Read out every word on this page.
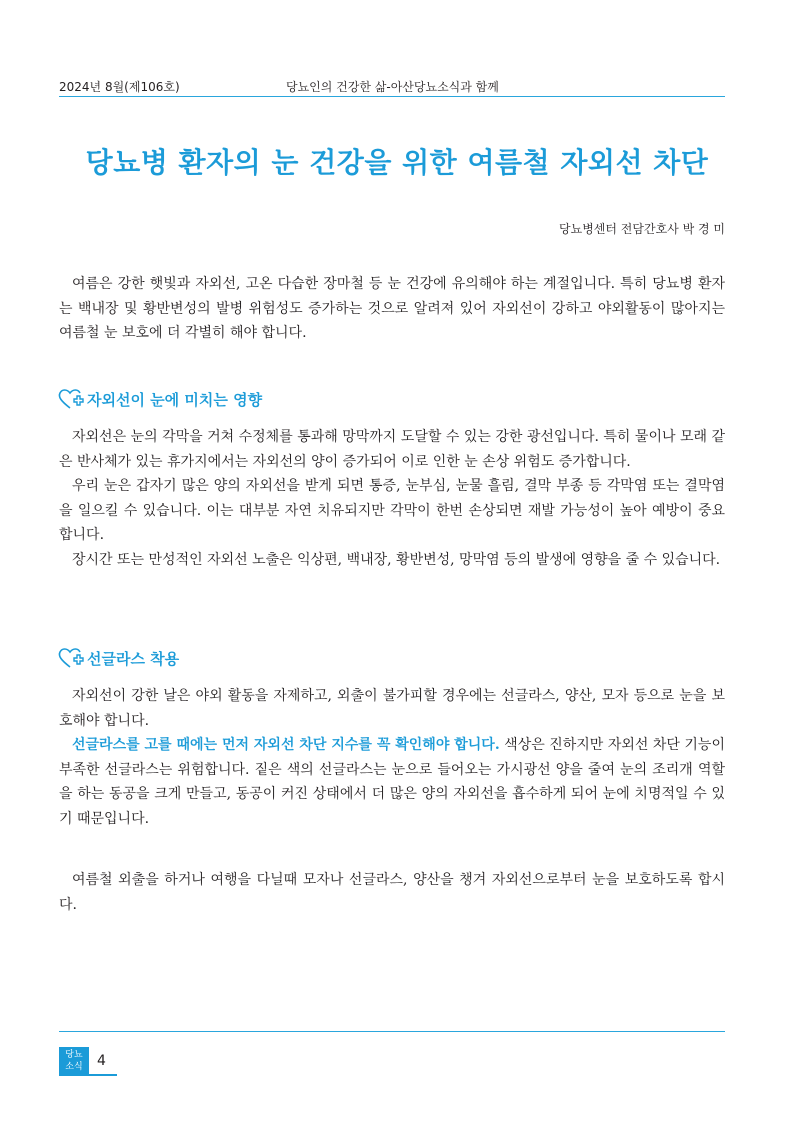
2024년 8월(제106호)	당뇨인의 건강한 삶-아산당뇨소식과 함께
당뇨병 환자의 눈 건강을 위한 여름철 자외선 차단
당뇨병센터 전담간호사 박 경 미

여름은 강한 햇빛과 자외선, 고온 다습한 장마철 등 눈 건강에 유의해야 하는 계절입니다. 특히 당뇨병 환자는 백내장 및 황반변성의 발병 위험성도 증가하는 것으로 알려져 있어 자외선이 강하고 야외활동이 많아지는 여름철 눈 보호에 더 각별히 해야 합니다.

자외선이 눈에 미치는 영향

자외선은 눈의 각막을 거쳐 수정체를 통과해 망막까지 도달할 수 있는 강한 광선입니다. 특히 물이나 모래 같은 반사체가 있는 휴가지에서는 자외선의 양이 증가되어 이로 인한 눈 손상 위험도 증가합니다.

우리 눈은 갑자기 많은 양의 자외선을 받게 되면 통증, 눈부심, 눈물 흘림, 결막 부종 등 각막염 또는 결막염을 일으킬 수 있습니다. 이는 대부분 자연 치유되지만 각막이 한번 손상되면 재발 가능성이 높아 예방이 중요합니다.

장시간 또는 만성적인 자외선 노출은 익상편, 백내장, 황반변성, 망막염 등의 발생에 영향을 줄 수 있습니다.

선글라스 착용

자외선이 강한 날은 야외 활동을 자제하고, 외출이 불가피할 경우에는 선글라스, 양산, 모자 등으로 눈을 보호해야 합니다.

선글라스를 고를 때에는 먼저 자외선 차단 지수를 꼭 확인해야 합니다. 색상은 진하지만 자외선 차단 기능이 부족한 선글라스는 위험합니다. 짙은 색의 선글라스는 눈으로 들어오는 가시광선 양을 줄여 눈의 조리개 역할을 하는 동공을 크게 만들고, 동공이 커진 상태에서 더 많은 양의 자외선을 흡수하게 되어 눈에 치명적일 수 있기 때문입니다.

여름철 외출을 하거나 여행을 다닐때 모자나 선글라스, 양산을 챙겨 자외선으로부터 눈을 보호하도록 합시다.

당뇨
소식	4
